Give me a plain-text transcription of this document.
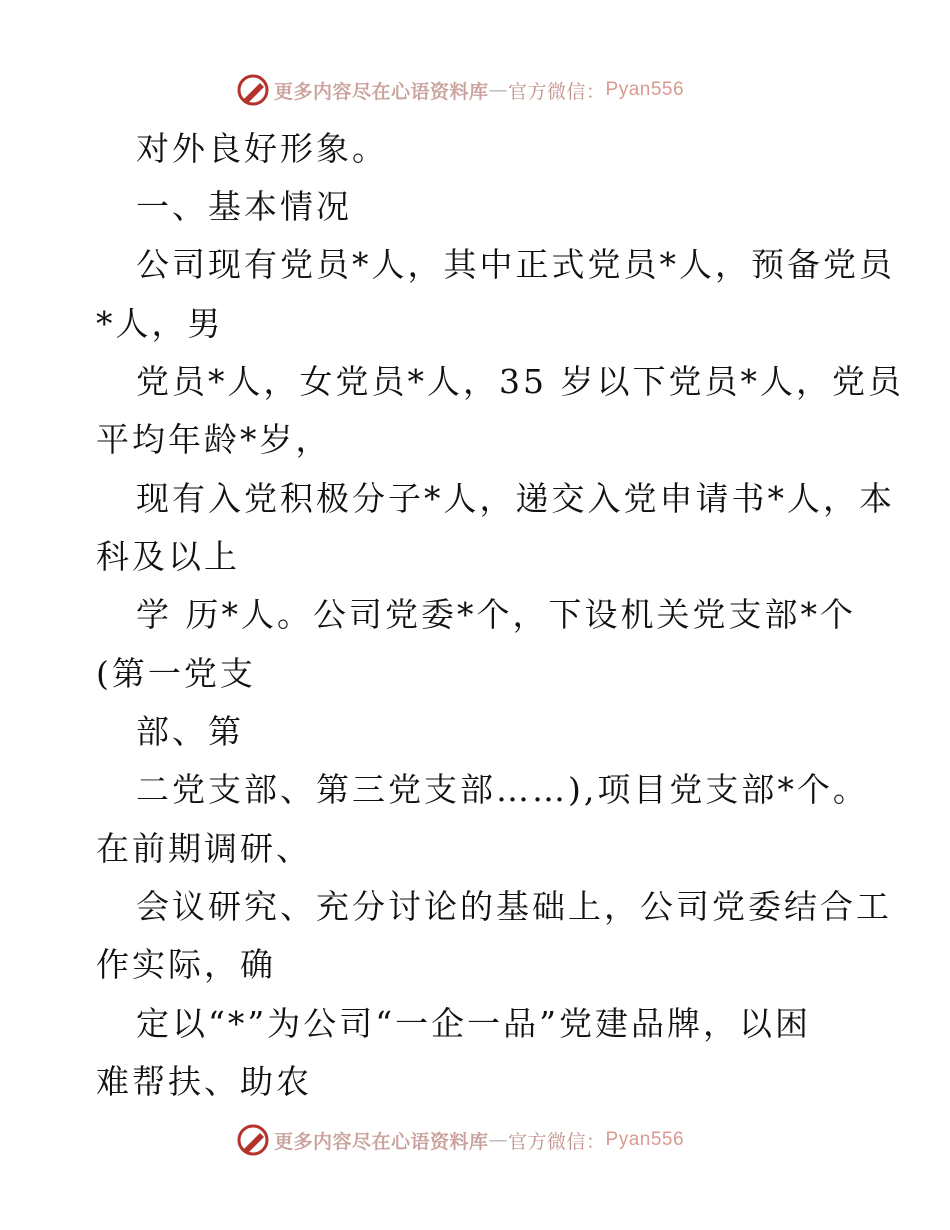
更多内容尽在心语资料库 — 官方微信： Pyan556
对外良好形象。
一、基本情况
公司现有党员*人，其中正式党员*人，预备党员
*人，男
党员*人，女党员*人，35 岁以下党员*人，党员
平均年龄*岁，
现有入党积极分子*人，递交入党申请书*人，本
科及以上
学 历*人。公司党委*个，下设机关党支部*个
(第一党支
部、第
二党支部、第三党支部……),项目党支部*个。
在前期调研、
会议研究、充分讨论的基础上，公司党委结合工
作实际，确
定以“*”为公司“一企一品”党建品牌，以困
难帮扶、助农
更多内容尽在心语资料库 — 官方微信： Pyan556
